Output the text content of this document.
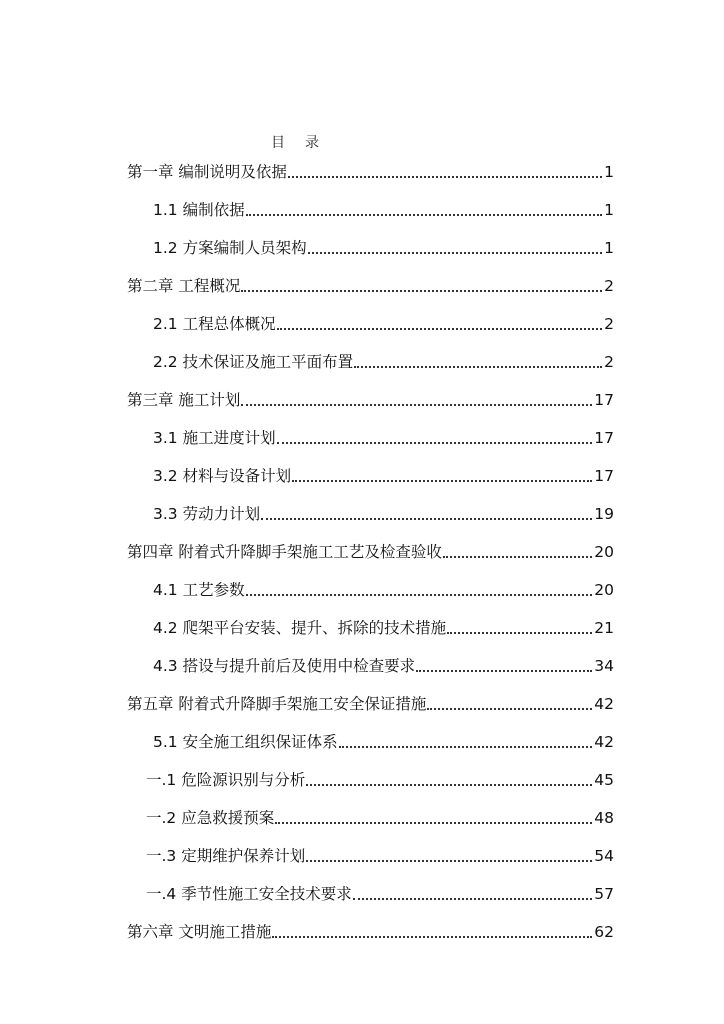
目录
第一章 编制说明及依据	1
1.1 编制依据	1
1.2 方案编制人员架构	1
第二章 工程概况	2
2.1 工程总体概况	2
2.2 技术保证及施工平面布置	2
第三章 施工计划	17
3.1 施工进度计划	17
3.2 材料与设备计划	17
3.3 劳动力计划	19
第四章 附着式升降脚手架施工工艺及检查验收	20
4.1 工艺参数	20
4.2 爬架平台安装、提升、拆除的技术措施	21
4.3 搭设与提升前后及使用中检查要求	34
第五章 附着式升降脚手架施工安全保证措施	42
5.1 安全施工组织保证体系	42
一.1 危险源识别与分析	45
一.2 应急救援预案	48
一.3 定期维护保养计划	54
一.4 季节性施工安全技术要求	57
第六章 文明施工措施	62
